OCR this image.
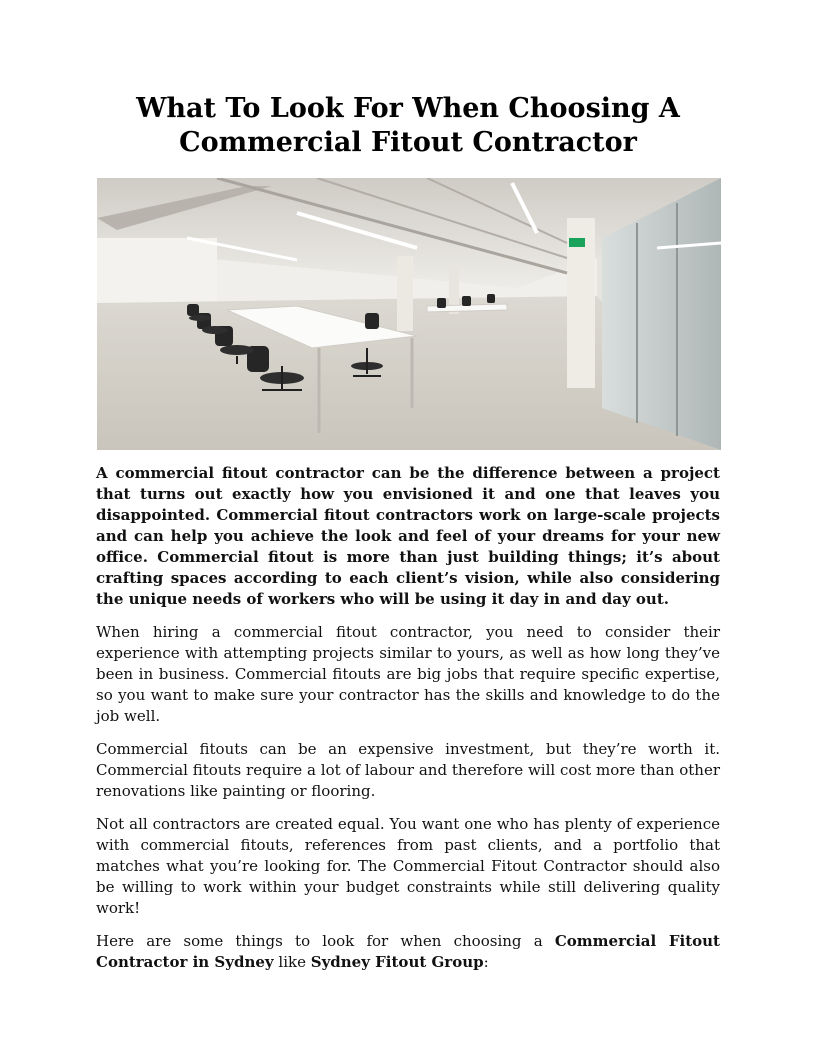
What To Look For When Choosing A
Commercial Fitout Contractor

A commercial fitout contractor can be the difference between a project that turns out exactly how you envisioned it and one that leaves you disappointed. Commercial fitout contractors work on large-scale projects and can help you achieve the look and feel of your dreams for your new office. Commercial fitout is more than just building things; it’s about crafting spaces according to each client’s vision, while also considering the unique needs of workers who will be using it day in and day out.

When hiring a commercial fitout contractor, you need to consider their experience with attempting projects similar to yours, as well as how long they’ve been in business. Commercial fitouts are big jobs that require specific expertise, so you want to make sure your contractor has the skills and knowledge to do the job well.

Commercial fitouts can be an expensive investment, but they’re worth it. Commercial fitouts require a lot of labour and therefore will cost more than other renovations like painting or flooring.

Not all contractors are created equal. You want one who has plenty of experience with commercial fitouts, references from past clients, and a portfolio that matches what you’re looking for. The Commercial Fitout Contractor should also be willing to work within your budget constraints while still delivering quality work!

Here are some things to look for when choosing a Commercial Fitout Contractor in Sydney like Sydney Fitout Group:
